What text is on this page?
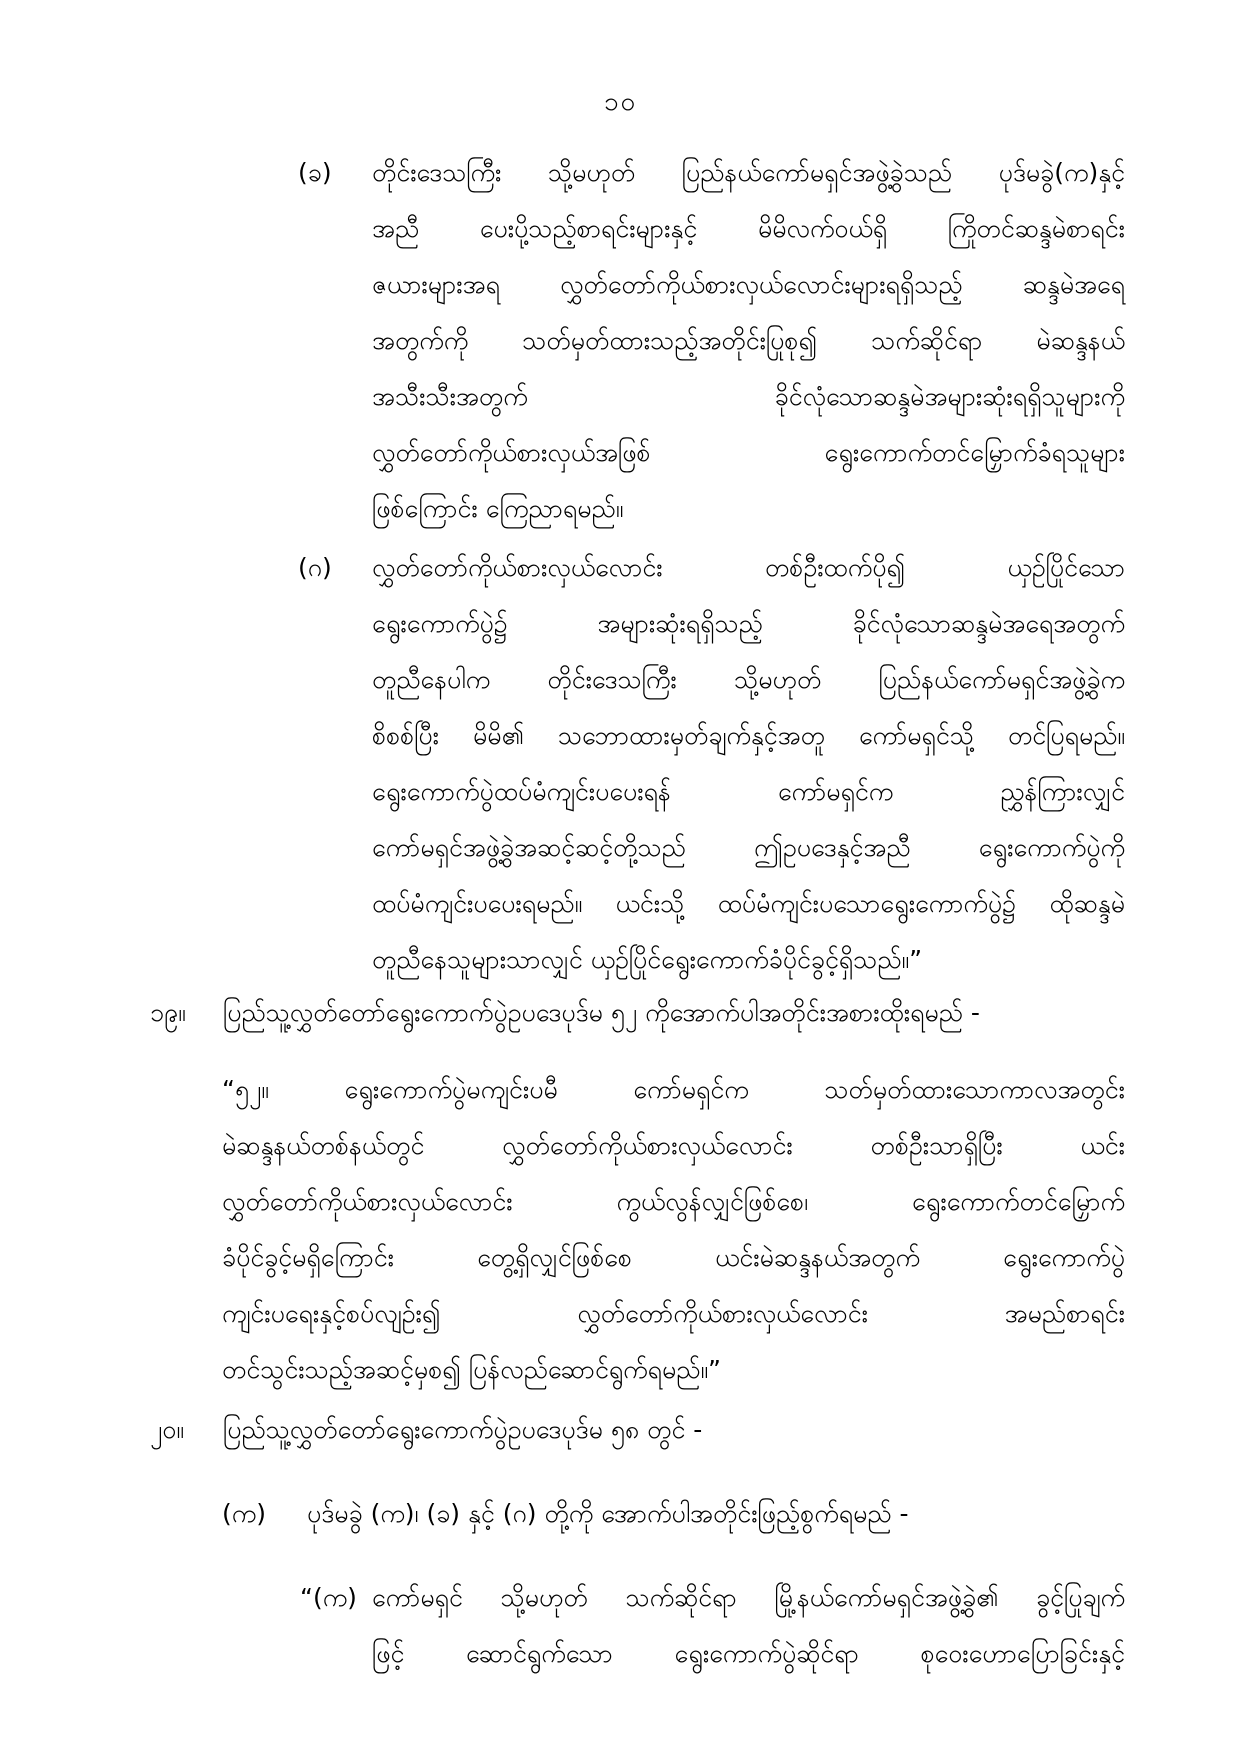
၁၀
(ခ) တိုင်းဒေသကြီး သို့မဟုတ် ပြည်နယ်ကော်မရှင်အဖွဲ့ခွဲသည် ပုဒ်မခွဲ(က)နှင့်
အညီ ပေးပို့သည့်စာရင်းများနှင့် မိမိလက်ဝယ်ရှိ ကြိုတင်ဆန္ဒမဲစာရင်း
ဇယားများအရ လွှတ်တော်ကိုယ်စားလှယ်လောင်းများရရှိသည့် ဆန္ဒမဲအရေ
အတွက်ကို သတ်မှတ်ထားသည့်အတိုင်းပြုစု၍ သက်ဆိုင်ရာ မဲဆန္ဒနယ်
အသီးသီးအတွက် ခိုင်လုံသောဆန္ဒမဲအများဆုံးရရှိသူများကို
လွှတ်တော်ကိုယ်စားလှယ်အဖြစ် ရွေးကောက်တင်မြှောက်ခံရသူများ
ဖြစ်ကြောင်း ကြေညာရမည်။
(ဂ) လွှတ်တော်ကိုယ်စားလှယ်လောင်း တစ်ဦးထက်ပို၍ ယှဉ်ပြိုင်သော
ရွေးကောက်ပွဲ၌ အများဆုံးရရှိသည့် ခိုင်လုံသောဆန္ဒမဲအရေအတွက်
တူညီနေပါက တိုင်းဒေသကြီး သို့မဟုတ် ပြည်နယ်ကော်မရှင်အဖွဲ့ခွဲက
စိစစ်ပြီး မိမိ၏ သဘောထားမှတ်ချက်နှင့်အတူ ကော်မရှင်သို့ တင်ပြရမည်။
ရွေးကောက်ပွဲထပ်မံကျင်းပပေးရန် ကော်မရှင်က ညွှန်ကြားလျှင်
ကော်မရှင်အဖွဲ့ခွဲအဆင့်ဆင့်တို့သည် ဤဥပဒေနှင့်အညီ ရွေးကောက်ပွဲကို
ထပ်မံကျင်းပပေးရမည်။ ယင်းသို့ ထပ်မံကျင်းပသောရွေးကောက်ပွဲ၌ ထိုဆန္ဒမဲ
တူညီနေသူများသာလျှင် ယှဉ်ပြိုင်ရွေးကောက်ခံပိုင်ခွင့်ရှိသည်။”
၁၉။ ပြည်သူ့လွှတ်တော်ရွေးကောက်ပွဲဥပဒေပုဒ်မ ၅၂ ကိုအောက်ပါအတိုင်းအစားထိုးရမည် -
“၅၂။ ရွေးကောက်ပွဲမကျင်းပမီ ကော်မရှင်က သတ်မှတ်ထားသောကာလအတွင်း
မဲဆန္ဒနယ်တစ်နယ်တွင် လွှတ်တော်ကိုယ်စားလှယ်လောင်း တစ်ဦးသာရှိပြီး ယင်း
လွှတ်တော်ကိုယ်စားလှယ်လောင်း ကွယ်လွန်လျှင်ဖြစ်စေ၊ ရွေးကောက်တင်မြှောက်
ခံပိုင်ခွင့်မရှိကြောင်း တွေ့ရှိလျှင်ဖြစ်စေ ယင်းမဲဆန္ဒနယ်အတွက် ရွေးကောက်ပွဲ
ကျင်းပရေးနှင့်စပ်လျဉ်း၍ လွှတ်တော်ကိုယ်စားလှယ်လောင်း အမည်စာရင်း
တင်သွင်းသည့်အဆင့်မှစ၍ ပြန်လည်ဆောင်ရွက်ရမည်။”
၂၀။ ပြည်သူ့လွှတ်တော်ရွေးကောက်ပွဲဥပဒေပုဒ်မ ၅၈ တွင် -
(က) ပုဒ်မခွဲ (က)၊ (ခ) နှင့် (ဂ) တို့ကို အောက်ပါအတိုင်းဖြည့်စွက်ရမည် -
“(က) ကော်မရှင် သို့မဟုတ် သက်ဆိုင်ရာ မြို့နယ်ကော်မရှင်အဖွဲ့ခွဲ၏ ခွင့်ပြုချက်
ဖြင့် ဆောင်ရွက်သော ရွေးကောက်ပွဲဆိုင်ရာ စုဝေးဟောပြောခြင်းနှင့်
